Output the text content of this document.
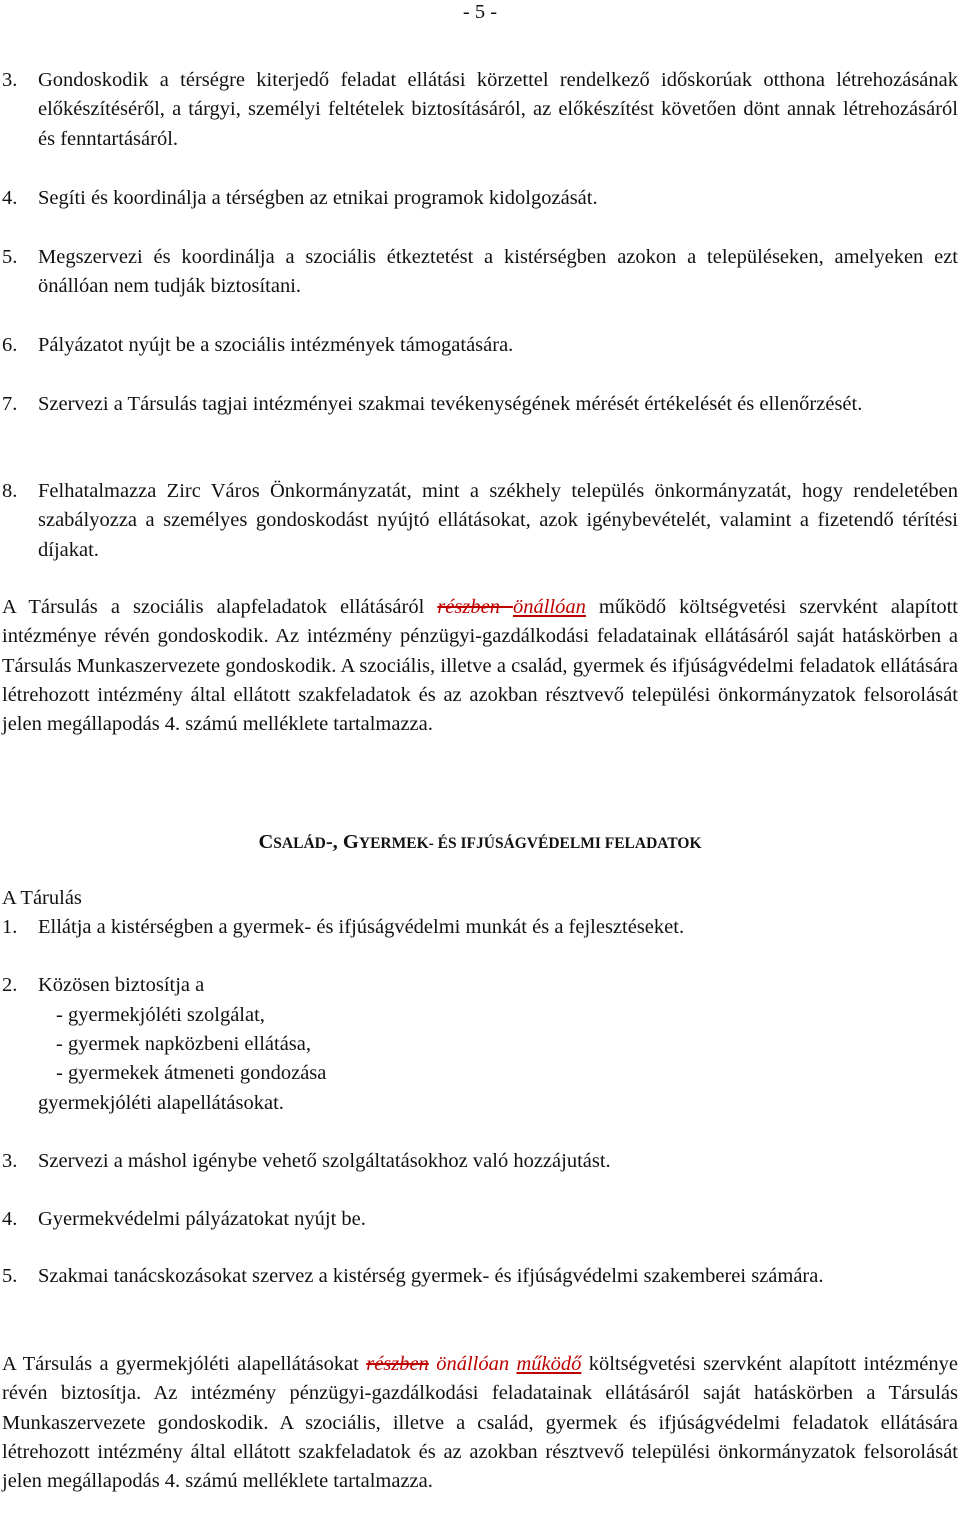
- 5 -
3. Gondoskodik a térségre kiterjedő feladat ellátási körzettel rendelkező időskorúak otthona létrehozásának előkészítéséről, a tárgyi, személyi feltételek biztosításáról, az előkészítést követően dönt annak létrehozásáról és fenntartásáról.
4. Segíti és koordinálja a térségben az etnikai programok kidolgozását.
5. Megszervezi és koordinálja a szociális étkeztetést a kistérségben azokon a településeken, amelyeken ezt önállóan nem tudják biztosítani.
6. Pályázatot nyújt be a szociális intézmények támogatására.
7. Szervezi a Társulás tagjai intézményei szakmai tevékenységének mérését értékelését és ellenőrzését.
8. Felhatalmazza Zirc Város Önkormányzatát, mint a székhely település önkormányzatát, hogy rendeletében szabályozza a személyes gondoskodást nyújtó ellátásokat, azok igénybevételét, valamint a fizetendő térítési díjakat.
A Társulás a szociális alapfeladatok ellátásáról részben önállóan működő költségvetési szervként alapított intézménye révén gondoskodik. Az intézmény pénzügyi-gazdálkodási feladatainak ellátásáról saját hatáskörben a Társulás Munkaszervezete gondoskodik. A szociális, illetve a család, gyermek és ifjúságvédelmi feladatok ellátására létrehozott intézmény által ellátott szakfeladatok és az azokban résztvevő települési önkormányzatok felsorolását jelen megállapodás 4. számú melléklete tartalmazza.
CSALÁD-, GYERMEK- ÉS IFJÚSÁGVÉDELMI FELADATOK
A Tárulás
1. Ellátja a kistérségben a gyermek- és ifjúságvédelmi munkát és a fejlesztéseket.
2. Közösen biztosítja a
- gyermekjóléti szolgálat,
- gyermek napközbeni ellátása,
- gyermekek átmeneti gondozása
gyermekjóléti alapellátásokat.
3. Szervezi a máshol igénybe vehető szolgáltatásokhoz való hozzájutást.
4. Gyermekvédelmi pályázatokat nyújt be.
5. Szakmai tanácskozásokat szervez a kistérség gyermek- és ifjúságvédelmi szakemberei számára.
A Társulás a gyermekjóléti alapellátásokat részben önállóan működő költségvetési szervként alapított intézménye révén biztosítja. Az intézmény pénzügyi-gazdálkodási feladatainak ellátásáról saját hatáskörben a Társulás Munkaszervezete gondoskodik. A szociális, illetve a család, gyermek és ifjúságvédelmi feladatok ellátására létrehozott intézmény által ellátott szakfeladatok és az azokban résztvevő települési önkormányzatok felsorolását jelen megállapodás 4. számú melléklete tartalmazza.
